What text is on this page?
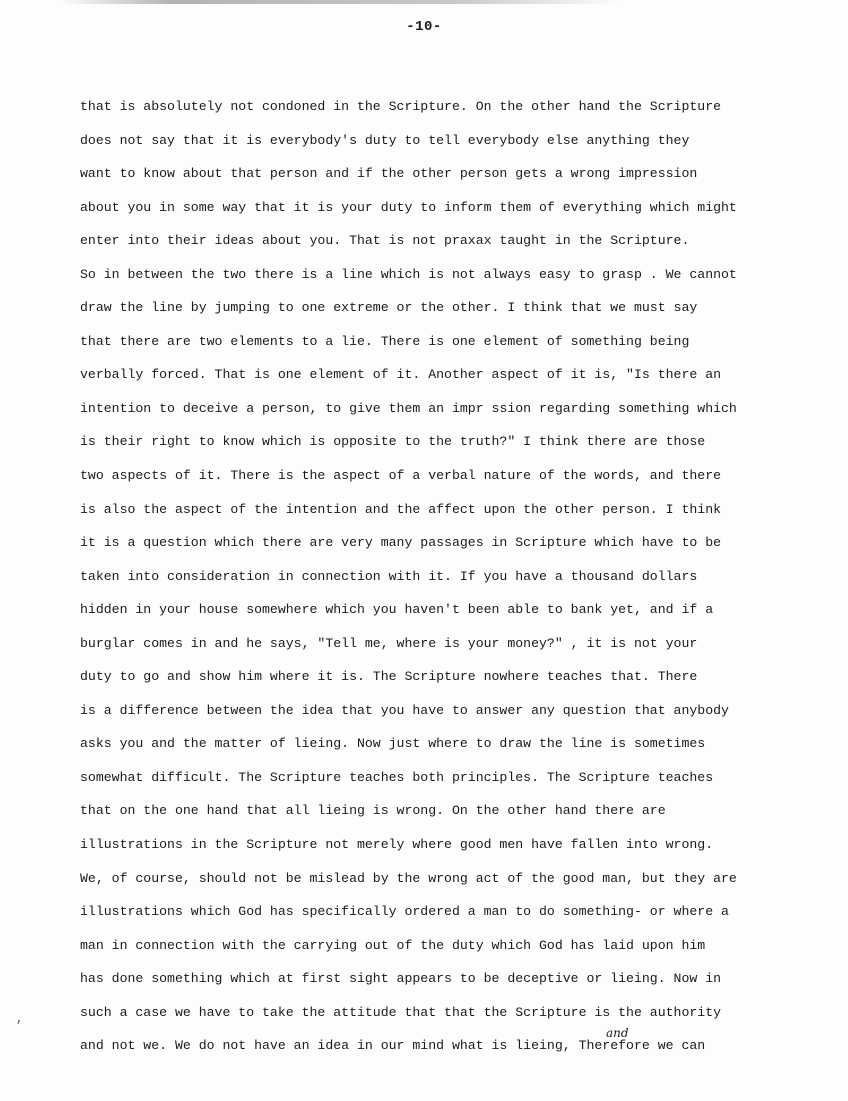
-10-
that is absolutely not condoned in the Scripture. On the other hand the Scripture
does not say that it is everybody's duty to tell everybody else anything they
want to know about that person and if the other person gets a wrong impression
about you in some way that it is your duty to inform them of everything which might
enter into their ideas about you. That is not praxax taught in the Scripture.
So in between the two there is a line which is not always easy to grasp . We cannot
draw the line by jumping to one extreme or the other. I think that we must say
that there are two elements to a lie. There is one element of something being
verbally forced. That is one element of it. Another aspect of it is, "Is there an
intention to deceive a person, to give them an impr ssion regarding something which
is their right to know which is opposite to the truth?" I think there are those
two aspects of it. There is the aspect of a verbal nature of the words, and there
is also the aspect of the intention and the affect upon the other person. I think
it is a question which there are very many passages in Scripture which have to be
taken into consideration in connection with it. If you have a thousand dollars
hidden in your house somewhere which you haven't been able to bank yet, and if a
burglar comes in and he says, "Tell me, where is your money?" , it is not your
duty to go and show him where it is. The Scripture nowhere teaches that. There
is a difference between the idea that you have to answer any question that anybody
asks you and the matter of lieing. Now just where to draw the line is sometimes
somewhat difficult. The Scripture teaches both principles. The Scripture teaches
that on the one hand that all lieing is wrong. On the other hand there are
illustrations in the Scripture not merely where good men have fallen into wrong.
We, of course, should not be mislead by the wrong act of the good man, but they are
illustrations which God has specifically ordered a man to do something- or where a
man in connection with the carrying out of the duty which God has laid upon him
has done something which at first sight appears to be deceptive or lieing. Now in
such a case we have to take the attitude that that the Scripture is the authority
and not we. We do not have an idea in our mind what is lieing, Therefore we can
,
and
